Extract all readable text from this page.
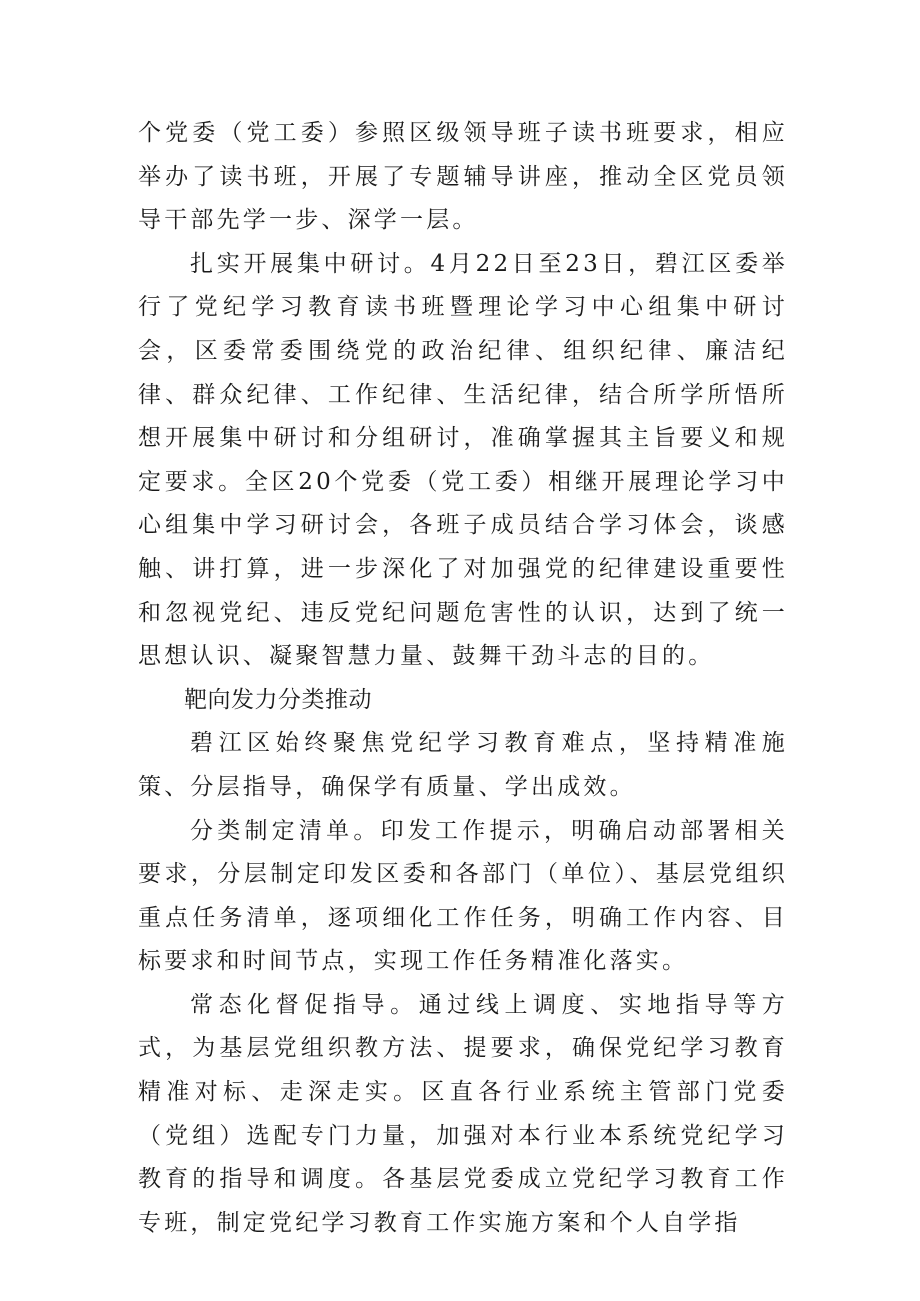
个党委（党工委）参照区级领导班子读书班要求，相应举办了读书班，开展了专题辅导讲座，推动全区党员领导干部先学一步、深学一层。

扎实开展集中研讨。4月22日至23日，碧江区委举行了党纪学习教育读书班暨理论学习中心组集中研讨会，区委常委围绕党的政治纪律、组织纪律、廉洁纪律、群众纪律、工作纪律、生活纪律，结合所学所悟所想开展集中研讨和分组研讨，准确掌握其主旨要义和规定要求。全区20个党委（党工委）相继开展理论学习中心组集中学习研讨会，各班子成员结合学习体会，谈感触、讲打算，进一步深化了对加强党的纪律建设重要性和忽视党纪、违反党纪问题危害性的认识，达到了统一思想认识、凝聚智慧力量、鼓舞干劲斗志的目的。

靶向发力分类推动

碧江区始终聚焦党纪学习教育难点，坚持精准施策、分层指导，确保学有质量、学出成效。

分类制定清单。印发工作提示，明确启动部署相关要求，分层制定印发区委和各部门（单位）、基层党组织重点任务清单，逐项细化工作任务，明确工作内容、目标要求和时间节点，实现工作任务精准化落实。

常态化督促指导。通过线上调度、实地指导等方式，为基层党组织教方法、提要求，确保党纪学习教育精准对标、走深走实。区直各行业系统主管部门党委（党组）选配专门力量，加强对本行业本系统党纪学习教育的指导和调度。各基层党委成立党纪学习教育工作专班，制定党纪学习教育工作实施方案和个人自学指
